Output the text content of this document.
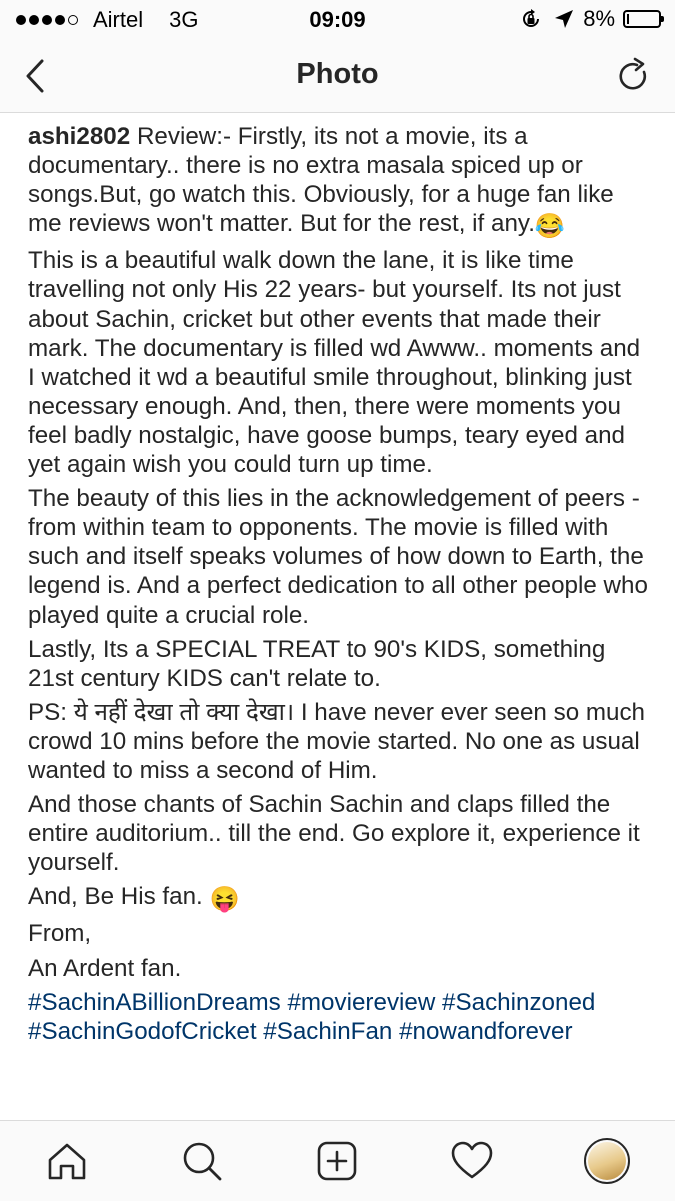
Airtel 3G	09:09	8%
Photo

ashi2802 Review:- Firstly, its not a movie, its a documentary.. there is no extra masala spiced up or songs.But, go watch this. Obviously, for a huge fan like me reviews won't matter. But for the rest, if any.😂

This is a beautiful walk down the lane, it is like time travelling not only His 22 years- but yourself. Its not just about Sachin, cricket but other events that made their mark. The documentary is filled wd Awww.. moments and I watched it wd a beautiful smile throughout, blinking just necessary enough. And, then, there were moments you feel badly nostalgic, have goose bumps, teary eyed and yet again wish you could turn up time.

The beauty of this lies in the acknowledgement of peers - from within team to opponents. The movie is filled with such and itself speaks volumes of how down to Earth, the legend is. And a perfect dedication to all other people who played quite a crucial role.

Lastly, Its a SPECIAL TREAT to 90's KIDS, something 21st century KIDS can't relate to.

PS: ये नहीं देखा तो क्या देखा। I have never ever seen so much crowd 10 mins before the movie started. No one as usual wanted to miss a second of Him.

And those chants of Sachin Sachin and claps filled the entire auditorium.. till the end. Go explore it, experience it yourself.

And, Be His fan. 😝

From,

An Ardent fan.

#SachinABillionDreams #moviereview #Sachinzoned #SachinGodofCricket #SachinFan #nowandforever
